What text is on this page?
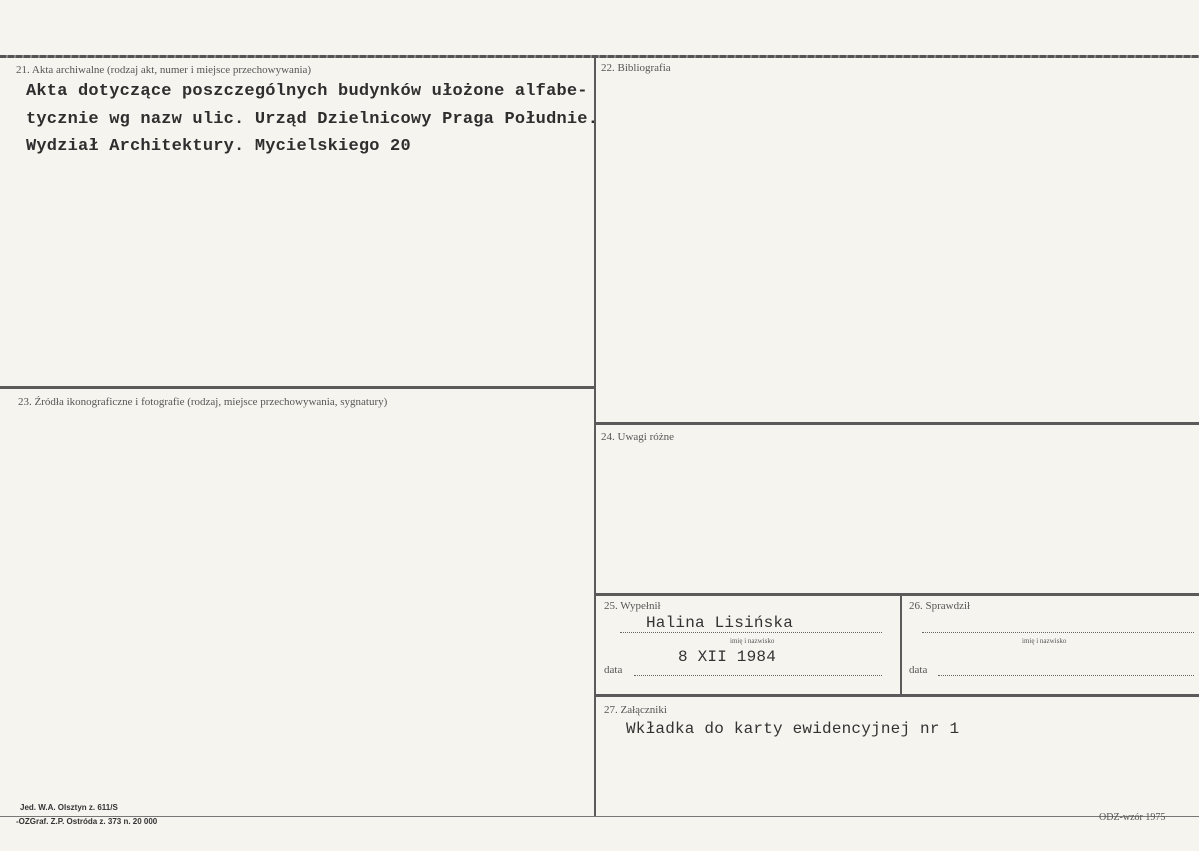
21. Akta archiwalne (rodzaj akt, numer i miejsce przechowywania)
Akta dotyczące poszczególnych budynków ułożone alfabe-
tycznie wg nazw ulic. Urząd Dzielnicowy Praga Południe.
Wydział Architektury. Mycielskiego 20
22. Bibliografia
23. Źródła ikonograficzne i fotografie (rodzaj, miejsce przechowywania, sygnatury)
24. Uwagi różne
25. Wypełnił
Halina Lisińska
imię i nazwisko
8 XII 1984
data
26. Sprawdził
imię i nazwisko
data
27. Załączniki
Wkładka do karty ewidencyjnej nr 1
Jed. W.A. Olsztyn z. 611/S
-OZGraf. Z.P. Ostróda z. 373 n. 20 000	ODZ-wzór 1975
